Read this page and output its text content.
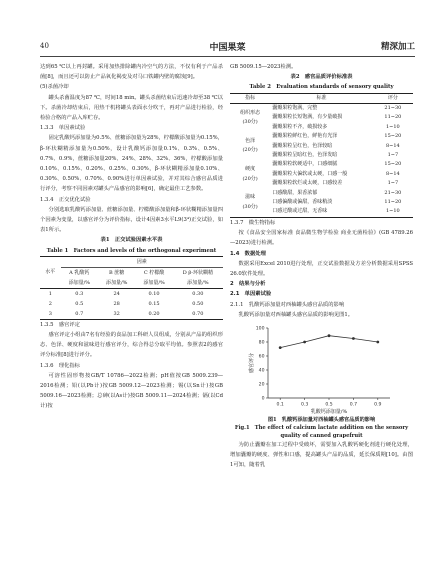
40	中国果菜	精深加工

达到65 ℃以上再封罐。采用加热排除罐内冷空气的方法，不仅有利于产品杀菌[8]，而且还可以防止产品氧化褐变及对马口铁罐内壁的腐蚀[9]。

(5)杀菌冷却

罐头杀菌温度为87 ℃，时间18 min。罐头杀菌结束后迅速冷却至38 ℃以下。杀菌冷却结束后，用热干机将罐头表面水分吹干，再对产品进行检验，经检验合格的产品入库贮存。

1.3.3　单因素试验

固定乳酸钙添加量为0.5%、蔗糖添加量为28%，柠檬酸添加量为0.15%，β-环状糊精添加量为0.50%，设计乳酸钙添加量0.1%、0.3%、0.5%、0.7%、0.9%，蔗糖添加量20%、24%、28%、32%、36%，柠檬酸添加量0.10%、0.15%、0.20%、0.25%、0.30%，β-环状糊精添加量0.10%、0.30%、0.50%、0.70%、0.90%进行单因素试验，并对其综合感官品质进行评分，考察不同因素对罐头产品感官的影响[6]，确定最佳工艺参数。

1.3.4　正交优化试验

分别选取乳酸钙添加量、蔗糖添加量、柠檬酸添加量和β-环状糊精添加量四个因素为变量，以感官评分为评价指标，设计4因素3水平L9(3⁴)正交试验，如表1所示。

表1　正交试验因素水平表

Table 1　Factors and levels of the orthogonal experiment

水平	因素			
	A 乳酸钙	B 蔗糖	C 柠檬酸	D β-环状糊精
	添加量/%	添加量/%	添加量/%	添加量/%
1	0.3	24	0.10	0.30
2	0.5	28	0.15	0.50
3	0.7	32	0.20	0.70

1.3.5　感官评定

感官评定小组由7名有经验的食品加工科研人员组成，分别从产品的组织形态、色泽、硬度和滋味进行感官评分，综合得总分取平均值。参照表2的感官评分标准[8]进行评分。

1.3.6　理化指标

可溶性固形物按GB/T 10786—2022检测；pH值按GB 5009.239—2016检测；铅(以Pb计)按GB 5009.12—2023检测；锡(以Sn计)按GB 5009.16—2023检测；总砷(以As计)按GB 5009.11—2024检测；镉(以Cd计)按

GB 5009.15—2023检测。

表2　感官品质评价标准表

Table 2　Evaluation standards of sensory quality

指标	标准	评分

组织形态
(30分)	囊瓣果粒饱满，完整	21~30
	囊瓣果粒长短饱满，有少量破损	11~20
	囊瓣果粒不齐，破损较多	1~10

色泽
(20分)	囊瓣果粒鲜红色，鲜艳有光泽	15~20
	囊瓣果粒呈红色，色泽较暗	8~14
	囊瓣果粒呈暗红色，色泽发暗	1~7

硬度
(20分)	囊瓣果粒软硬适中，口感细腻	15~20
	囊瓣果粒大偏软或太硬，口感一般	8~14
	囊瓣果粒软烂或太硬，口感较差	1~7

滋味
(30分)	口感酸甜，果香浓郁	21~30
	口感偏酸或偏甜，香味稍淡	11~20
	口感过酸或过甜，无香味	1~10

1.3.7　微生物指标

按《食品安全国家标准 食品微生物学检验 商业无菌检验》(GB 4789.26—2023)进行检测。

1.4　数据处理

数据采用Excel 2010进行处理，正交试验数据及方差分析数据采用SPSS 26.0软件处理。

2　结果与分析

2.1　单因素试验

2.1.1　乳酸钙添加量对西柚罐头感官品质的影响

乳酸钙添加量对西柚罐头感官品质的影响见图1。

0
20
40
60
80
100
0.1	0.3	0.5	0.7	0.9
乳酸钙添加量/%
感官评分

图1　乳酸钙添加量对西柚罐头感官品质的影响

Fig.1　The effect of calcium lactate addition on the sensory

quality of canned grapefruit

为防止囊瓣在加工过程中受破坏，需要加入乳酸钙硬化剂进行硬化处理，增加囊瓣的硬度、弹性和口感，提高罐头产品的品质，延长保质期[10]。由图1可知，随着乳
